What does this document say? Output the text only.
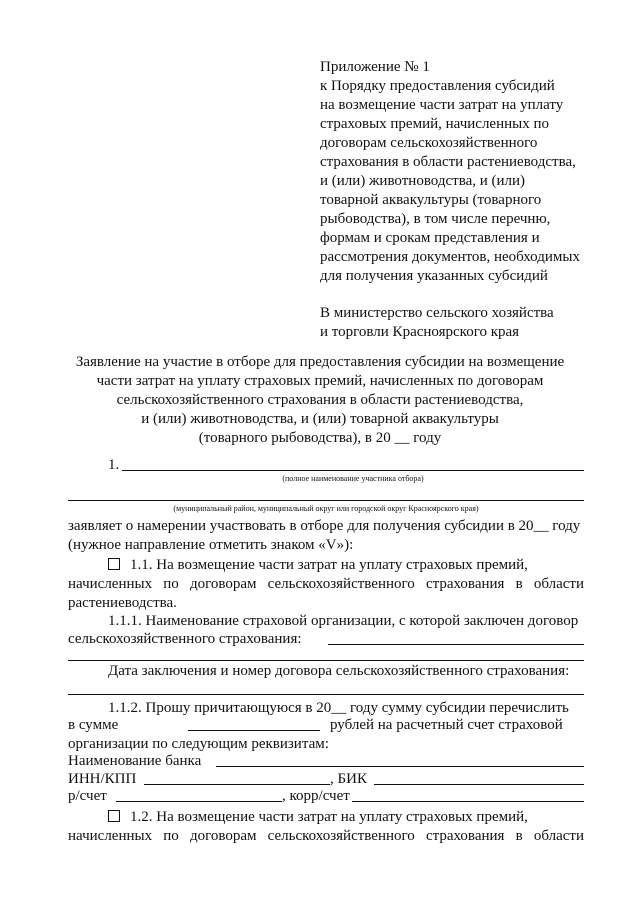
Приложение № 1
к Порядку предоставления субсидий
на возмещение части затрат на уплату
страховых премий, начисленных по
договорам сельскохозяйственного
страхования в области растениеводства,
и (или) животноводства, и (или)
товарной аквакультуры (товарного
рыбоводства), в том числе перечню,
формам и срокам представления и
рассмотрения документов, необходимых
для получения указанных субсидий
В министерство сельского хозяйства
и торговли Красноярского края
Заявление на участие в отборе для предоставления субсидии на возмещение
части затрат на уплату страховых премий, начисленных по договорам
сельскохозяйственного страхования в области растениеводства,
и (или) животноводства, и (или) товарной аквакультуры
(товарного рыбоводства), в 20 __ году
1.
(полное наименование участника отбора)
(муниципальный район, муниципальный округ или городской округ Красноярского края)
заявляет о намерении участвовать в отборе для получения субсидии в 20__ году
(нужное направление отметить знаком «V»):
1.1. На возмещение части затрат на уплату страховых премий,
начисленных по договорам сельскохозяйственного страхования в области
растениеводства.
1.1.1. Наименование страховой организации, с которой заключен договор
сельскохозяйственного страхования:
Дата заключения и номер договора сельскохозяйственного страхования:
1.1.2. Прошу причитающуюся в 20__ году сумму субсидии перечислить
в сумме	рублей на расчетный счет страховой
организации по следующим реквизитам:
Наименование банка
ИНН/КПП	, БИК
р/счет	, корр/счет
1.2. На возмещение части затрат на уплату страховых премий,
начисленных по договорам сельскохозяйственного страхования в области
